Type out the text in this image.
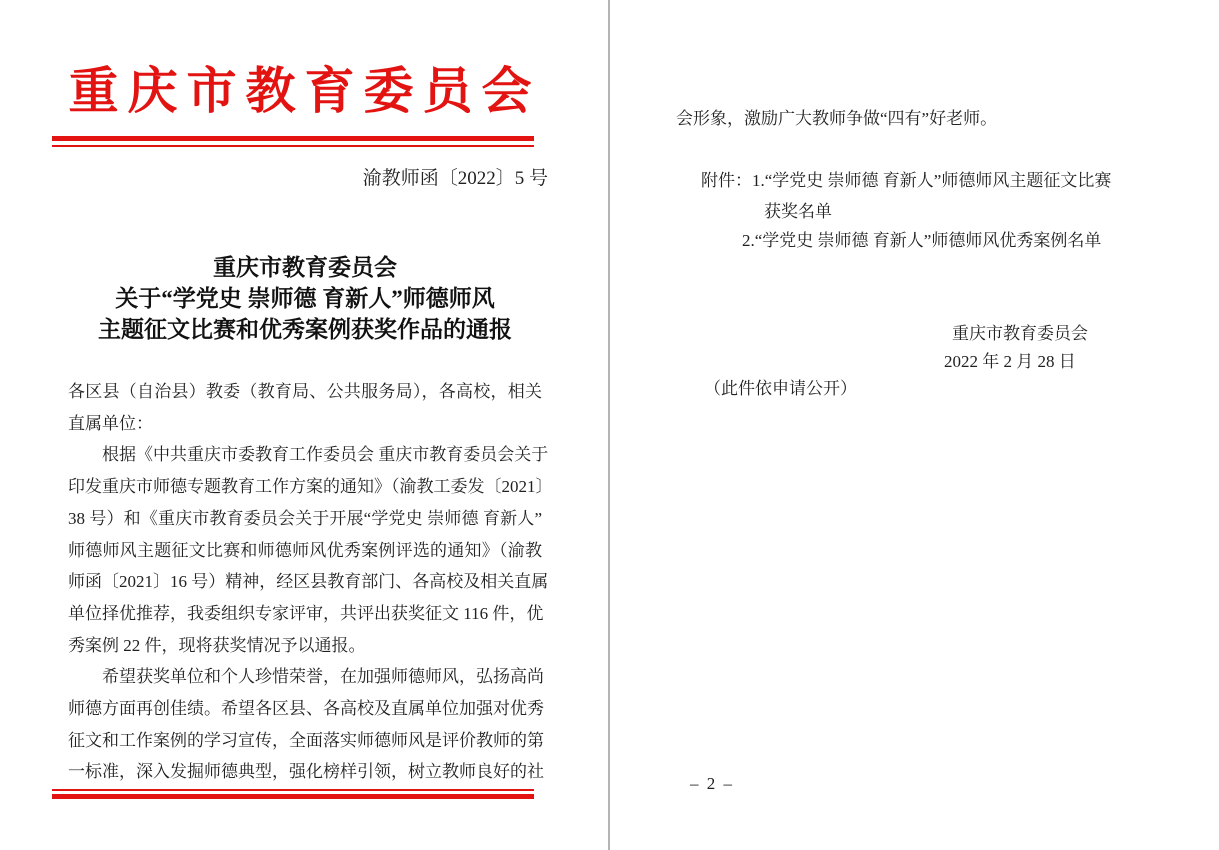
重庆市教育委员会
渝教师函〔2022〕5 号
重庆市教育委员会
关于“学党史 崇师德 育新人”师德师风
主题征文比赛和优秀案例获奖作品的通报
各区县（自治县）教委（教育局、公共服务局），各高校，相关
直属单位：
根据《中共重庆市委教育工作委员会 重庆市教育委员会关于
印发重庆市师德专题教育工作方案的通知》（渝教工委发〔2021〕
38 号）和《重庆市教育委员会关于开展“学党史 崇师德 育新人”
师德师风主题征文比赛和师德师风优秀案例评选的通知》（渝教
师函〔2021〕16 号）精神，经区县教育部门、各高校及相关直属
单位择优推荐，我委组织专家评审，共评出获奖征文 116 件，优
秀案例 22 件，现将获奖情况予以通报。
希望获奖单位和个人珍惜荣誉，在加强师德师风，弘扬高尚
师德方面再创佳绩。希望各区县、各高校及直属单位加强对优秀
征文和工作案例的学习宣传，全面落实师德师风是评价教师的第
一标准，深入发掘师德典型，强化榜样引领，树立教师良好的社
会形象，激励广大教师争做“四有”好老师。
附件：1.“学党史 崇师德 育新人”师德师风主题征文比赛
获奖名单
2.“学党史 崇师德 育新人”师德师风优秀案例名单
重庆市教育委员会
2022 年 2 月 28 日
（此件依申请公开）
– 2 –
